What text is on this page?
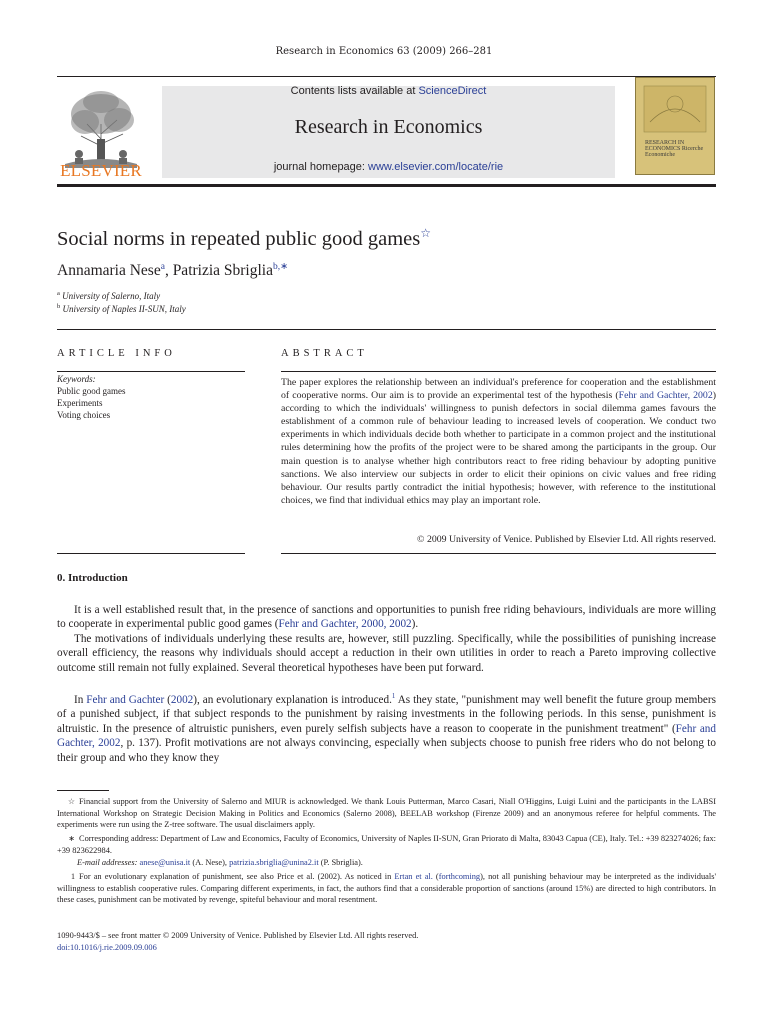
Research in Economics 63 (2009) 266–281
ELSEVIER
Contents lists available at ScienceDirect
Research in Economics
journal homepage: www.elsevier.com/locate/rie
RESEARCH IN ECONOMICS Ricerche Economiche
Social norms in repeated public good games☆
Annamaria Nese$^a$, Patrizia Sbriglia$^{b,∗}$
$^a$ University of Salerno, Italy
$^b$ University of Naples II-SUN, Italy
ARTICLE INFO
Keywords:
Public good games
Experiments
Voting choices
ABSTRACT
The paper explores the relationship between an individual's preference for cooperation and the establishment of cooperative norms. Our aim is to provide an experimental test of the hypothesis (Fehr and Gachter, 2002) according to which the individuals' willingness to punish defectors in social dilemma games favours the establishment of a common rule of behaviour leading to increased levels of cooperation. We conduct two experiments in which individuals decide both whether to participate in a common project and the institutional rules determining how the profits of the project were to be shared among the participants in the group. Our main question is to analyse whether high contributors react to free riding behaviour by adopting punitive sanctions. We also interview our subjects in order to elicit their opinions on civic values and free riding behaviour. Our results partly contradict the initial hypothesis; however, with reference to the institutional choices, we find that individual ethics may play an important role.
© 2009 University of Venice. Published by Elsevier Ltd. All rights reserved.
0. Introduction
It is a well established result that, in the presence of sanctions and opportunities to punish free riding behaviours, individuals are more willing to cooperate in experimental public good games (Fehr and Gachter, 2000, 2002).
The motivations of individuals underlying these results are, however, still puzzling. Specifically, while the possibilities of punishing increase overall efficiency, the reasons why individuals should accept a reduction in their own utilities in order to reach a Pareto improving collective outcome still remain not fully explained. Several theoretical hypotheses have been put forward.
In Fehr and Gachter (2002), an evolutionary explanation is introduced.$^1$ As they state, "punishment may well benefit the future group members of a punished subject, if that subject responds to the punishment by raising investments in the following periods. In this sense, punishment is altruistic. In the presence of altruistic punishers, even purely selfish subjects have a reason to cooperate in the punishment treatment" (Fehr and Gachter, 2002, p. 137). Profit motivations are not always convincing, especially when subjects choose to punish free riders who do not belong to their group and who they know they
☆ Financial support from the University of Salerno and MIUR is acknowledged. We thank Louis Putterman, Marco Casari, Niall O'Higgins, Luigi Luini and the participants in the LABSI International Workshop on Strategic Decision Making in Politics and Economics (Salerno 2008), BEELAB workshop (Firenze 2009) and an anonymous referee for helpful comments. The experiments were run using the Z-tree software. The usual disclaimers apply.
∗ Corresponding address: Department of Law and Economics, Faculty of Economics, University of Naples II-SUN, Gran Priorato di Malta, 83043 Capua (CE), Italy. Tel.: +39 823274026; fax: +39 823622984.
E-mail addresses: anese@unisa.it (A. Nese), patrizia.sbriglia@unina2.it (P. Sbriglia).
1 For an evolutionary explanation of punishment, see also Price et al. (2002). As noticed in Ertan et al. (forthcoming), not all punishing behaviour may be interpreted as the individuals' willingness to establish cooperative rules. Comparing different experiments, in fact, the authors find that a considerable proportion of sanctions (around 15%) are directed to high contributors. In these cases, punishment can be motivated by revenge, spiteful behaviour and moral resentment.
1090-9443/$ – see front matter © 2009 University of Venice. Published by Elsevier Ltd. All rights reserved.
doi:10.1016/j.rie.2009.09.006
